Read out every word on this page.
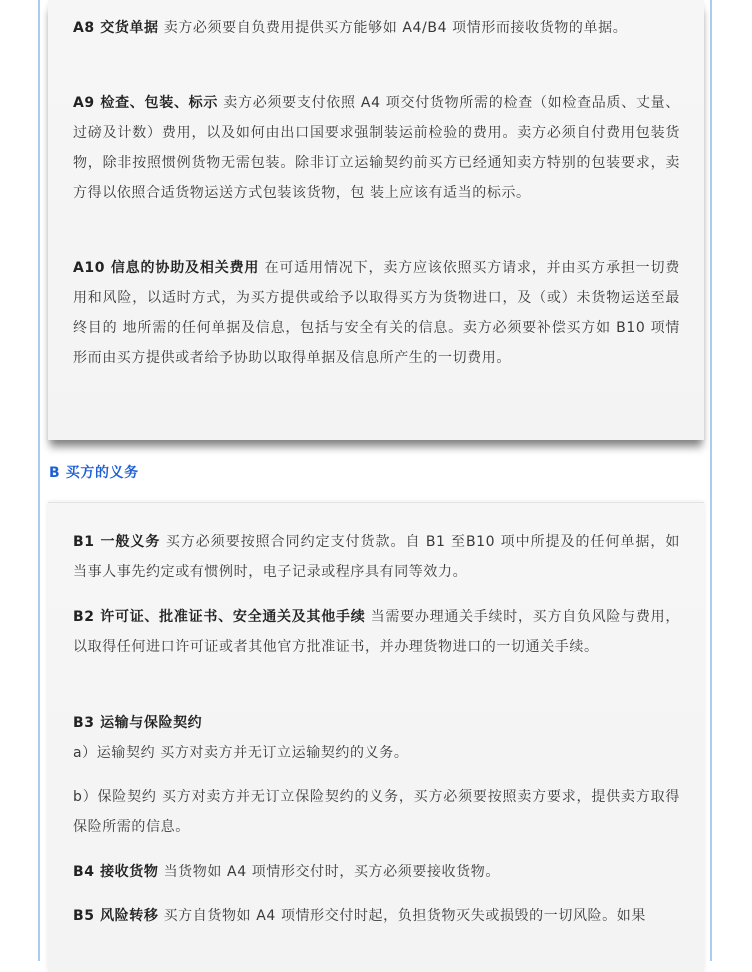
A8 交货单据 卖方必须要自负费用提供买方能够如 A4/B4 项情形而接收货物的单据。

A9 检查、包装、标示 卖方必须要支付依照 A4 项交付货物所需的检查（如检查品质、丈量、过磅及计数）费用，以及如何由出口国要求强制装运前检验的费用。卖方必须自付费用包装货物，除非按照惯例货物无需包装。除非订立运输契约前买方已经通知卖方特别的包装要求，卖方得以依照合适货物运送方式包装该货物，包 装上应该有适当的标示。

A10 信息的协助及相关费用 在可适用情况下，卖方应该依照买方请求，并由买方承担一切费用和风险，以适时方式，为买方提供或给予以取得买方为货物进口，及（或）未货物运送至最终目的 地所需的任何单据及信息，包括与安全有关的信息。卖方必须要补偿买方如 B10 项情形而由买方提供或者给予协助以取得单据及信息所产生的一切费用。

B 买方的义务

B1 一般义务 买方必须要按照合同约定支付货款。自 B1 至B10 项中所提及的任何单据，如当事人事先约定或有惯例时，电子记录或程序具有同等效力。

B2 许可证、批准证书、安全通关及其他手续 当需要办理通关手续时，买方自负风险与费用，以取得任何进口许可证或者其他官方批准证书，并办理货物进口的一切通关手续。

B3 运输与保险契约

a）运输契约 买方对卖方并无订立运输契约的义务。

b）保险契约 买方对卖方并无订立保险契约的义务，买方必须要按照卖方要求，提供卖方取得保险所需的信息。

B4 接收货物 当货物如 A4 项情形交付时，买方必须要接收货物。

B5 风险转移 买方自货物如 A4 项情形交付时起，负担货物灭失或损毁的一切风险。如果
